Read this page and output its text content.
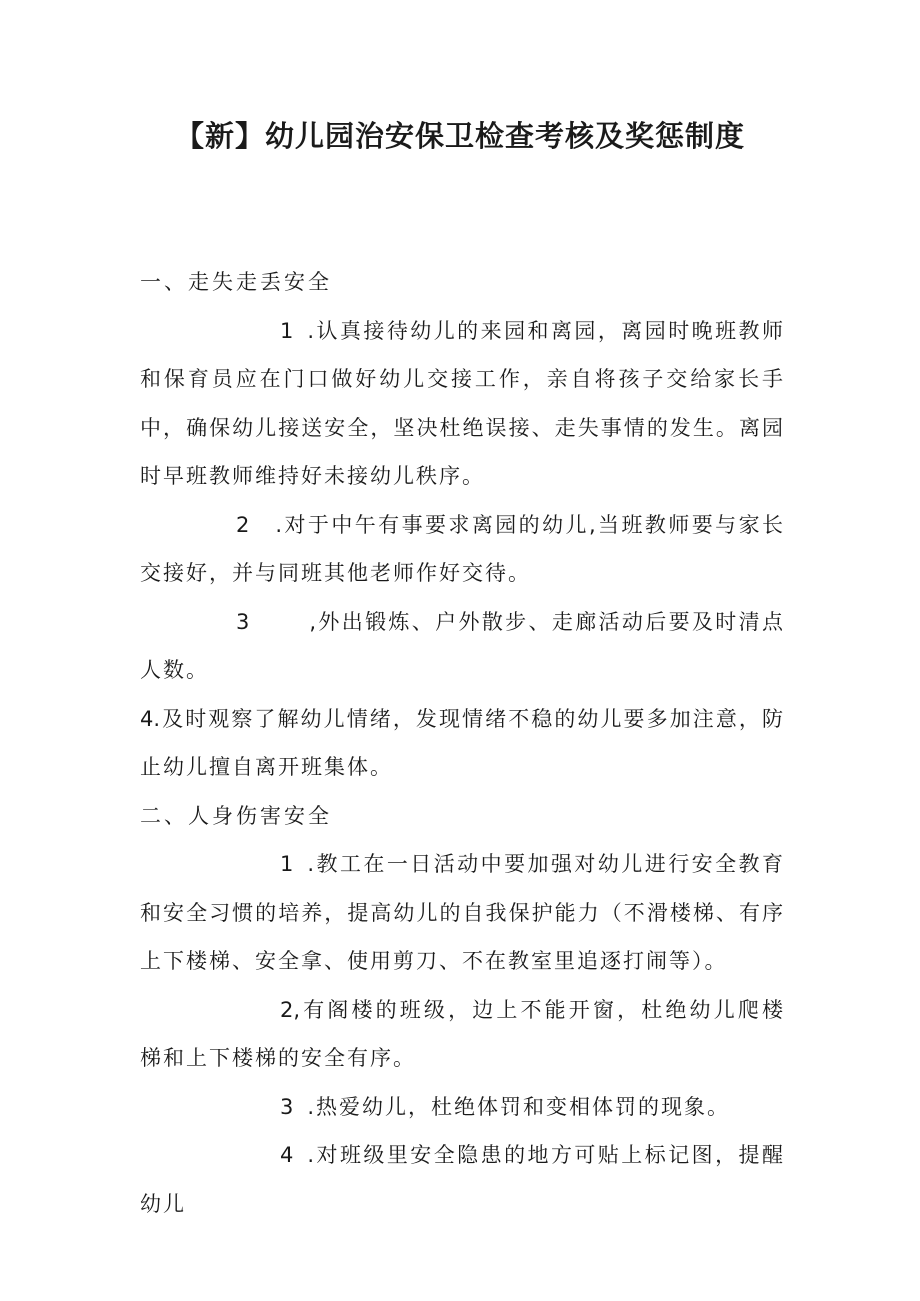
【新】幼儿园治安保卫检查考核及奖惩制度

一、走失走丢安全

1 .认真接待幼儿的来园和离园，离园时晚班教师和保育员应在门口做好幼儿交接工作，亲自将孩子交给家长手中，确保幼儿接送安全，坚决杜绝误接、走失事情的发生。离园时早班教师维持好未接幼儿秩序。

2 .对于中午有事要求离园的幼儿,当班教师要与家长交接好，并与同班其他老师作好交待。

3	,外出锻炼、户外散步、走廊活动后要及时清点人数。

4.及时观察了解幼儿情绪，发现情绪不稳的幼儿要多加注意，防止幼儿擅自离开班集体。

二、人身伤害安全

1 .教工在一日活动中要加强对幼儿进行安全教育和安全习惯的培养，提高幼儿的自我保护能力（不滑楼梯、有序上下楼梯、安全拿、使用剪刀、不在教室里追逐打闹等）。

2,有阁楼的班级，边上不能开窗，杜绝幼儿爬楼梯和上下楼梯的安全有序。

3 .热爱幼儿，杜绝体罚和变相体罚的现象。

4 .对班级里安全隐患的地方可贴上标记图，提醒幼儿
